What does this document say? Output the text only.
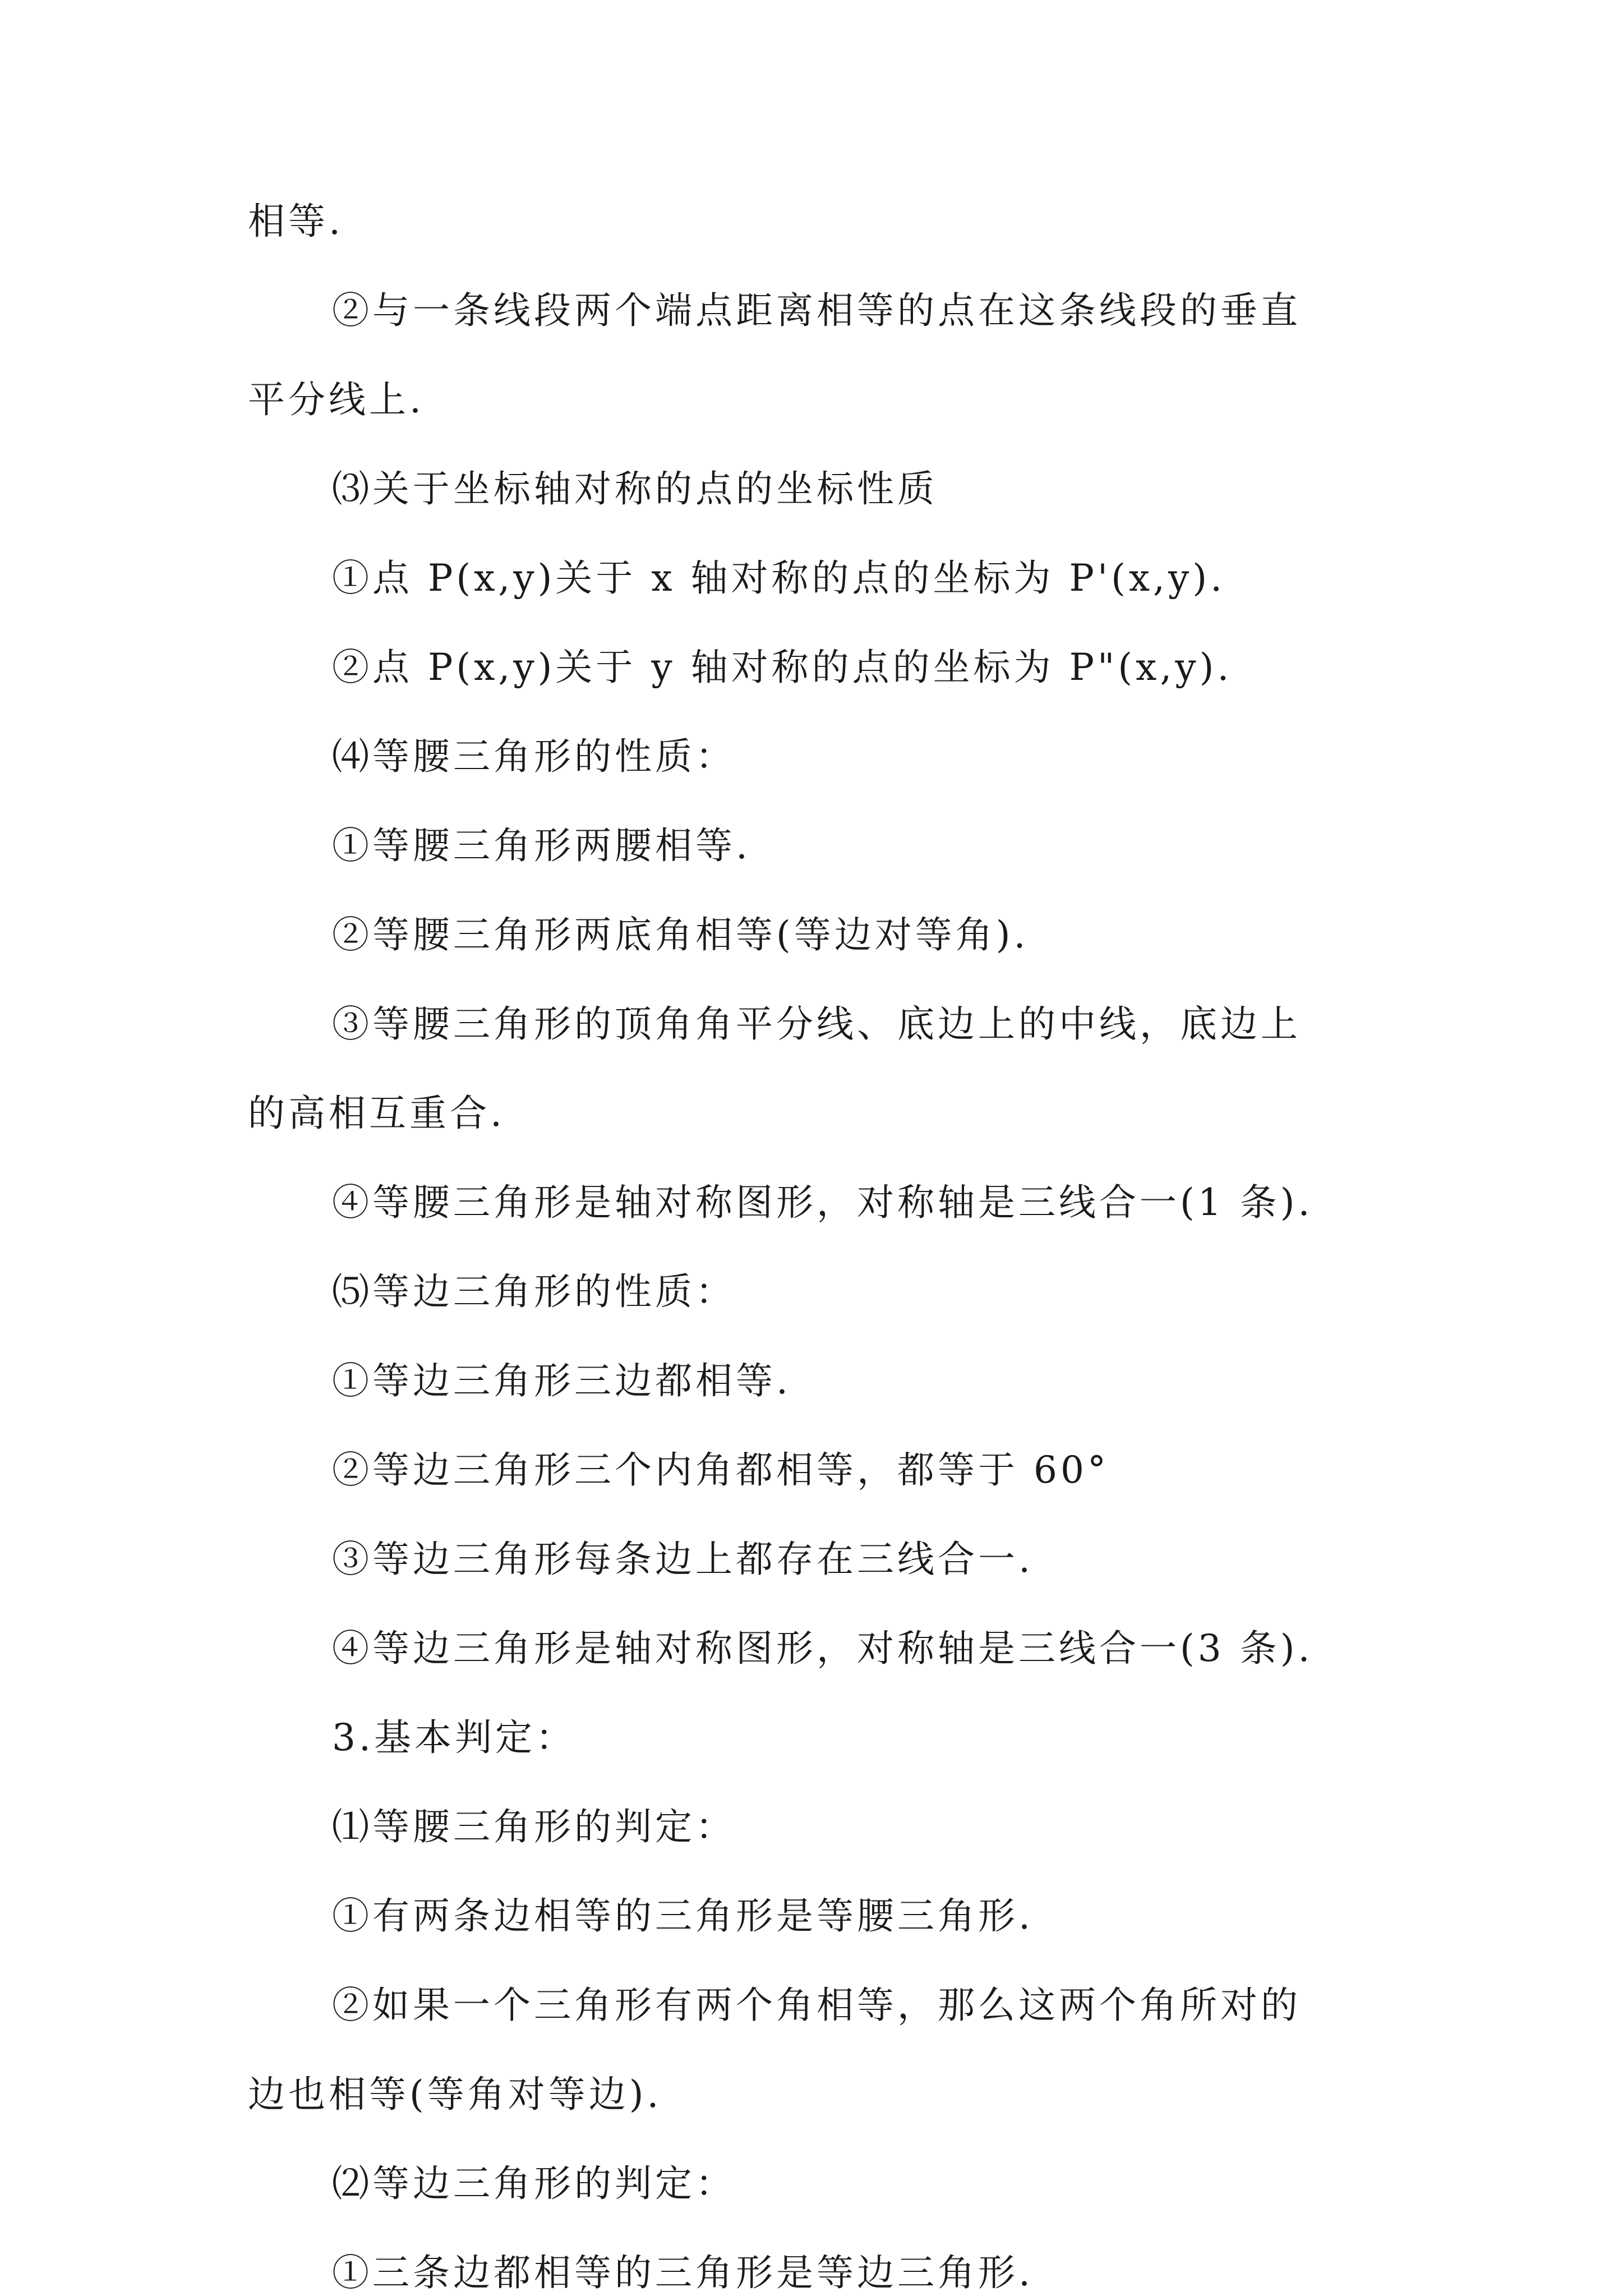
相等.

②与一条线段两个端点距离相等的点在这条线段的垂直

平分线上.

⑶关于坐标轴对称的点的坐标性质

①点 P(x,y)关于 x 轴对称的点的坐标为 P'(x,y).

②点 P(x,y)关于 y 轴对称的点的坐标为 P"(x,y).

⑷等腰三角形的性质：

①等腰三角形两腰相等.

②等腰三角形两底角相等(等边对等角).

③等腰三角形的顶角角平分线、底边上的中线，底边上

的高相互重合.

④等腰三角形是轴对称图形，对称轴是三线合一(1 条).

⑸等边三角形的性质：

①等边三角形三边都相等.

②等边三角形三个内角都相等，都等于 60°

③等边三角形每条边上都存在三线合一.

④等边三角形是轴对称图形，对称轴是三线合一(3 条).

3.基本判定：

⑴等腰三角形的判定：

①有两条边相等的三角形是等腰三角形.

②如果一个三角形有两个角相等，那么这两个角所对的

边也相等(等角对等边).

⑵等边三角形的判定：

①三条边都相等的三角形是等边三角形.
